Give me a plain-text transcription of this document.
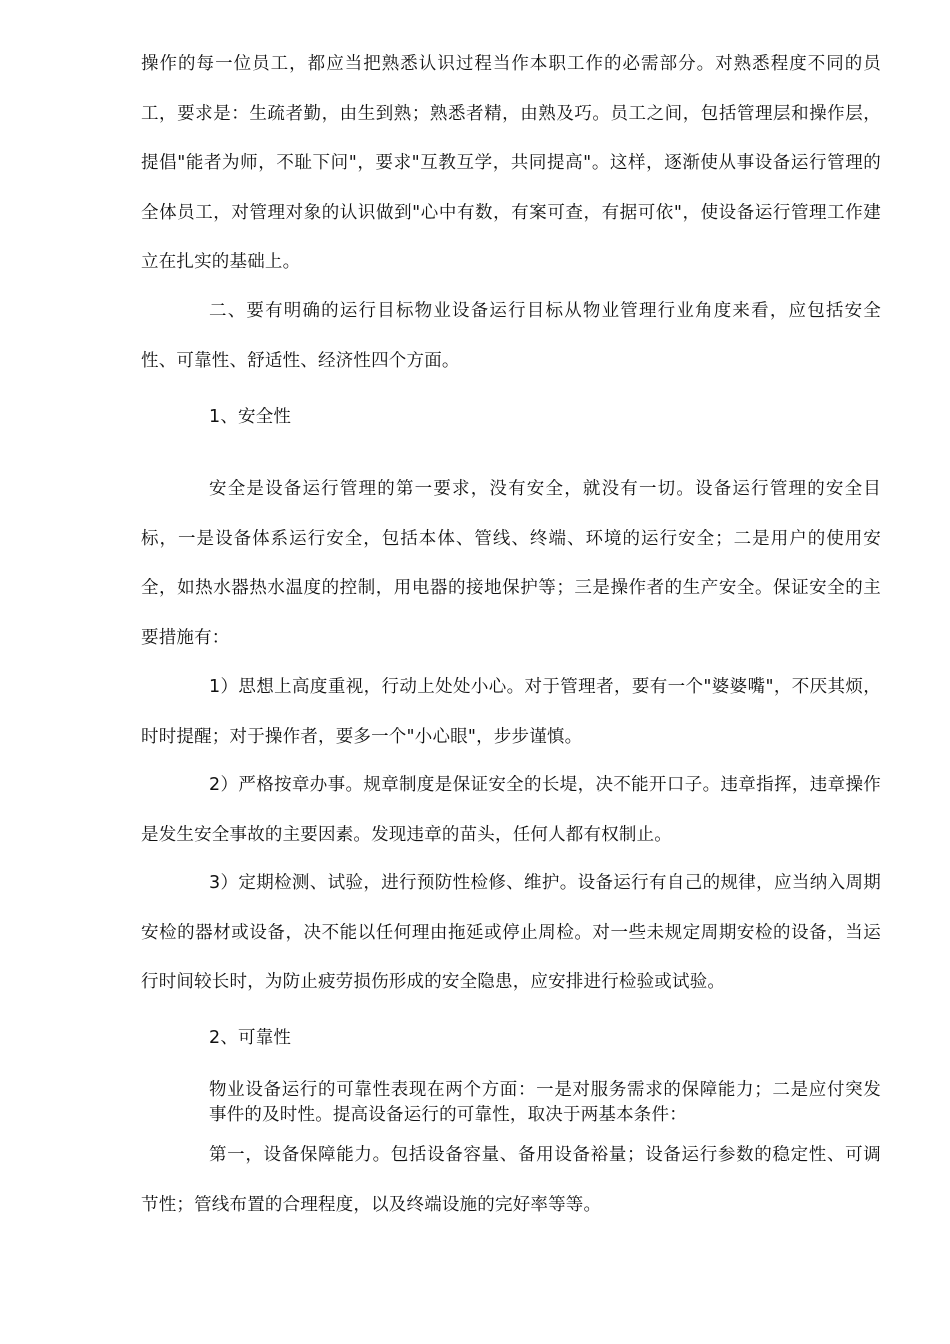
操作的每一位员工，都应当把熟悉认识过程当作本职工作的必需部分。对熟悉程度不同的员工，要求是：生疏者勤，由生到熟；熟悉者精，由熟及巧。员工之间，包括管理层和操作层，提倡"能者为师，不耻下问"，要求"互教互学，共同提高"。这样，逐渐使从事设备运行管理的全体员工，对管理对象的认识做到"心中有数，有案可查，有据可依"，使设备运行管理工作建立在扎实的基础上。

二、要有明确的运行目标物业设备运行目标从物业管理行业角度来看，应包括安全性、可靠性、舒适性、经济性四个方面。

1、安全性

安全是设备运行管理的第一要求，没有安全，就没有一切。设备运行管理的安全目标，一是设备体系运行安全，包括本体、管线、终端、环境的运行安全；二是用户的使用安全，如热水器热水温度的控制，用电器的接地保护等；三是操作者的生产安全。保证安全的主要措施有：

1）思想上高度重视，行动上处处小心。对于管理者，要有一个"婆婆嘴"，不厌其烦，时时提醒；对于操作者，要多一个"小心眼"，步步谨慎。

2）严格按章办事。规章制度是保证安全的长堤，决不能开口子。违章指挥，违章操作是发生安全事故的主要因素。发现违章的苗头，任何人都有权制止。

3）定期检测、试验，进行预防性检修、维护。设备运行有自己的规律，应当纳入周期安检的器材或设备，决不能以任何理由拖延或停止周检。对一些未规定周期安检的设备，当运行时间较长时，为防止疲劳损伤形成的安全隐患，应安排进行检验或试验。

2、可靠性

物业设备运行的可靠性表现在两个方面：一是对服务需求的保障能力；二是应付突发事件的及时性。提高设备运行的可靠性，取决于两基本条件：

第一，设备保障能力。包括设备容量、备用设备裕量；设备运行参数的稳定性、可调节性；管线布置的合理程度，以及终端设施的完好率等等。
